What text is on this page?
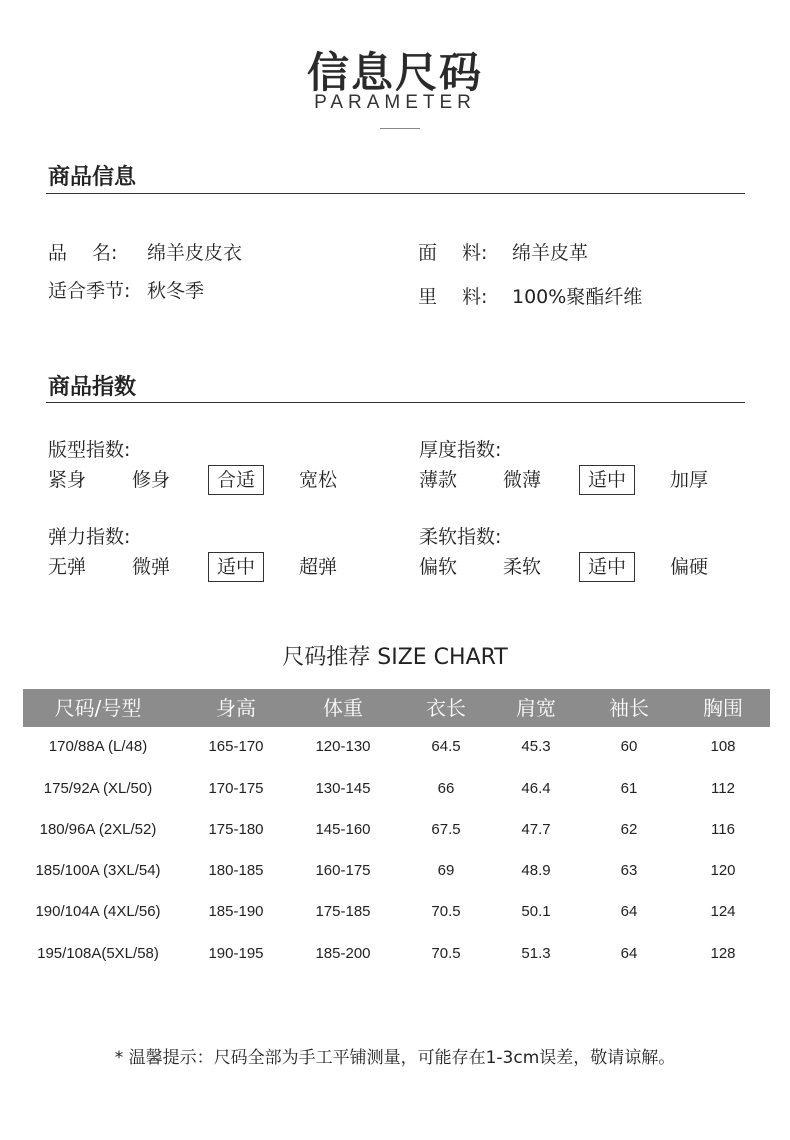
信息尺码
PARAMETER
商品信息
品　 名: 绵羊皮皮衣
适合季节: 秋冬季
面　 料: 绵羊皮革
里　 料: 100%聚酯纤维
商品指数
版型指数:
紧身 修身	合适	宽松
厚度指数:
薄款 微薄	适中	加厚
弹力指数:
无弹 微弹	适中	超弹
柔软指数:
偏软 柔软	适中	偏硬
尺码推荐 SIZE CHART
尺码/号型	身高	体重	衣长	肩宽	袖长	胸围
170/88A (L/48)	165-170	120-130	64.5	45.3	60	108
175/92A (XL/50)	170-175	130-145	66	46.4	61	112
180/96A (2XL/52)	175-180	145-160	67.5	47.7	62	116
185/100A (3XL/54)	180-185	160-175	69	48.9	63	120
190/104A (4XL/56)	185-190	175-185	70.5	50.1	64	124
195/108A(5XL/58)	190-195	185-200	70.5	51.3	64	128
* 温馨提示：尺码全部为手工平铺测量，可能存在1-3cm误差，敬请谅解。
